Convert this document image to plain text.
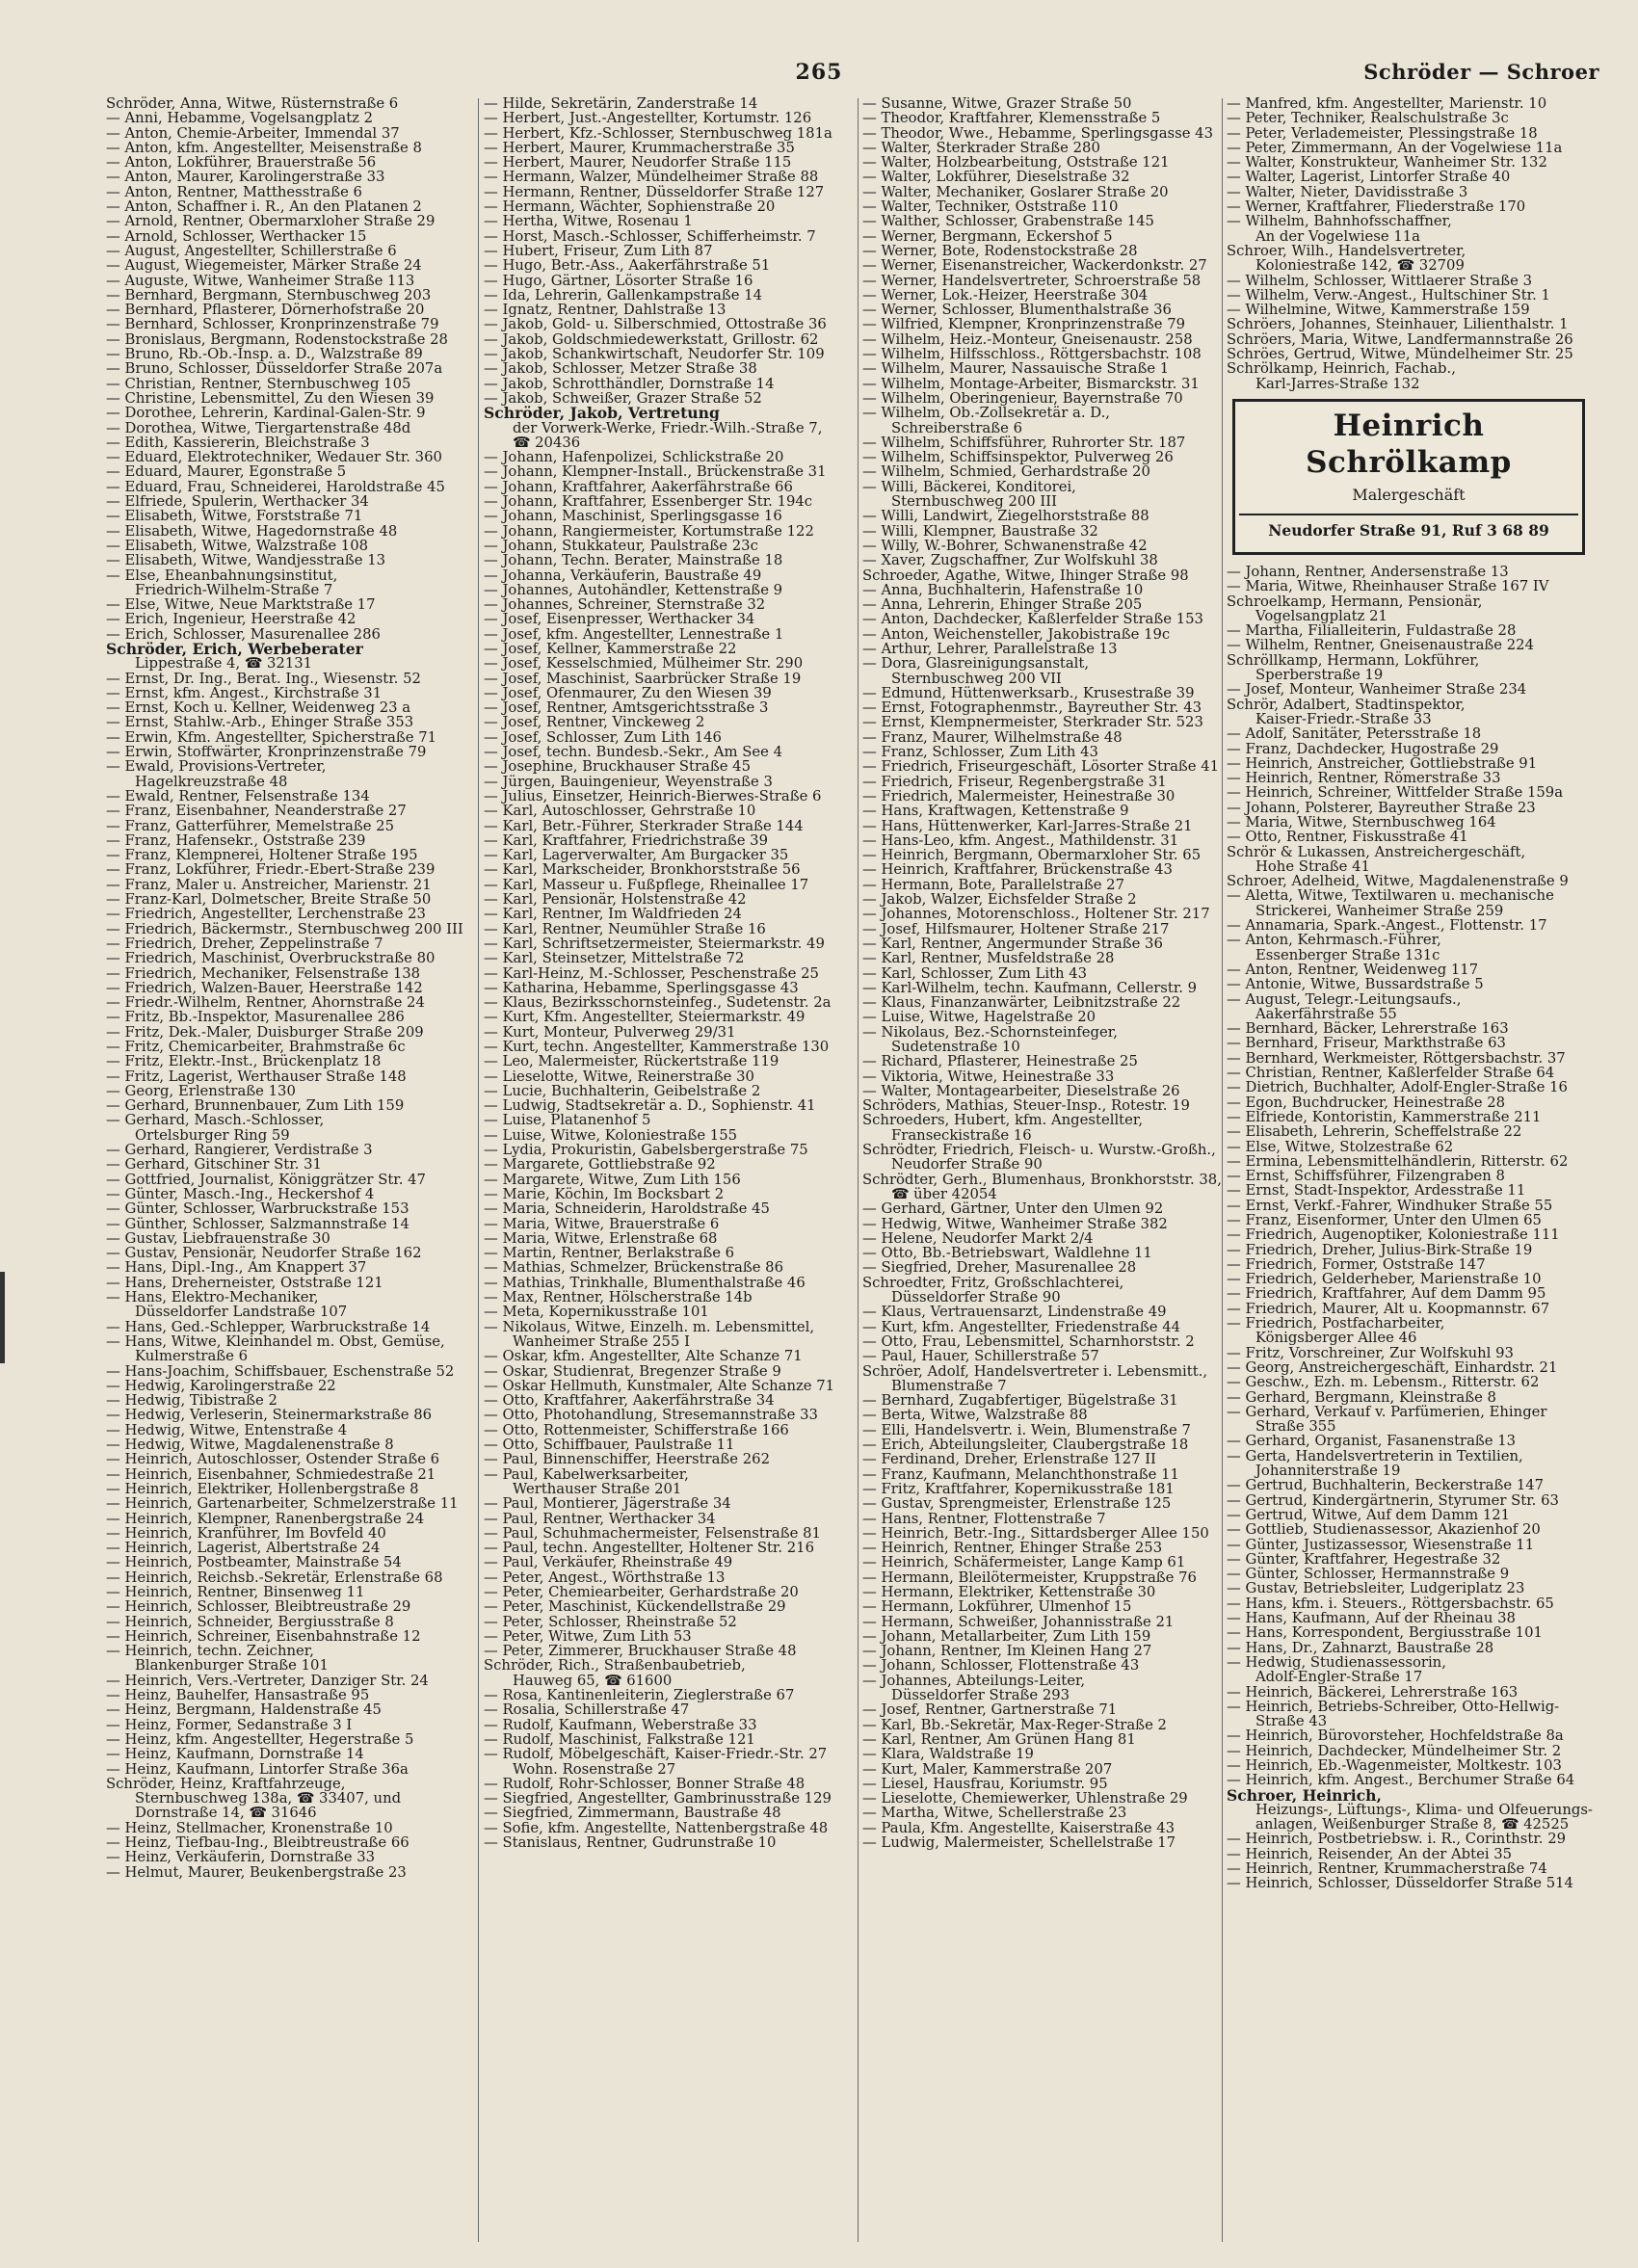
265	Schröder — Schroer
Schröder, Anna, Witwe, Rüsternstraße 6
— Anni, Hebamme, Vogelsangplatz 2
— Anton, Chemie-Arbeiter, Immendal 37
— Anton, kfm. Angestellter, Meisenstraße 8
— Anton, Lokführer, Brauerstraße 56
— Anton, Maurer, Karolingerstraße 33
— Anton, Rentner, Matthesstraße 6
— Anton, Schaffner i. R., An den Platanen 2
— Arnold, Rentner, Obermarxloher Straße 29
— Arnold, Schlosser, Werthacker 15
— August, Angestellter, Schillerstraße 6
— August, Wiegemeister, Märker Straße 24
— Auguste, Witwe, Wanheimer Straße 113
— Bernhard, Bergmann, Sternbuschweg 203
— Bernhard, Pflasterer, Dörnerhofstraße 20
— Bernhard, Schlosser, Kronprinzenstraße 79
— Bronislaus, Bergmann, Rodenstockstraße 28
— Bruno, Rb.-Ob.-Insp. a. D., Walzstraße 89
— Bruno, Schlosser, Düsseldorfer Straße 207a
— Christian, Rentner, Sternbuschweg 105
— Christine, Lebensmittel, Zu den Wiesen 39
— Dorothee, Lehrerin, Kardinal-Galen-Str. 9
— Dorothea, Witwe, Tiergartenstraße 48d
— Edith, Kassiererin, Bleichstraße 3
— Eduard, Elektrotechniker, Wedauer Str. 360
— Eduard, Maurer, Egonstraße 5
— Eduard, Frau, Schneiderei, Haroldstraße 45
— Elfriede, Spulerin, Werthacker 34
— Elisabeth, Witwe, Forststraße 71
— Elisabeth, Witwe, Hagedornstraße 48
— Elisabeth, Witwe, Walzstraße 108
— Elisabeth, Witwe, Wandjesstraße 13
— Else, Eheanbahnungsinstitut,
Friedrich-Wilhelm-Straße 7
— Else, Witwe, Neue Marktstraße 17
— Erich, Ingenieur, Heerstraße 42
— Erich, Schlosser, Masurenallee 286
Schröder, Erich, Werbeberater
Lippestraße 4, ☎ 32131
— Ernst, Dr. Ing., Berat. Ing., Wiesenstr. 52
— Ernst, kfm. Angest., Kirchstraße 31
— Ernst, Koch u. Kellner, Weidenweg 23 a
— Ernst, Stahlw.-Arb., Ehinger Straße 353
— Erwin, Kfm. Angestellter, Spicherstraße 71
— Erwin, Stoffwärter, Kronprinzenstraße 79
— Ewald, Provisions-Vertreter,
Hagelkreuzstraße 48
— Ewald, Rentner, Felsenstraße 134
— Franz, Eisenbahner, Neanderstraße 27
— Franz, Gatterführer, Memelstraße 25
— Franz, Hafensekr., Oststraße 239
— Franz, Klempnerei, Holtener Straße 195
— Franz, Lokführer, Friedr.-Ebert-Straße 239
— Franz, Maler u. Anstreicher, Marienstr. 21
— Franz-Karl, Dolmetscher, Breite Straße 50
— Friedrich, Angestellter, Lerchenstraße 23
— Friedrich, Bäckermstr., Sternbuschweg 200 III
— Friedrich, Dreher, Zeppelinstraße 7
— Friedrich, Maschinist, Overbruckstraße 80
— Friedrich, Mechaniker, Felsenstraße 138
— Friedrich, Walzen-Bauer, Heerstraße 142
— Friedr.-Wilhelm, Rentner, Ahornstraße 24
— Fritz, Bb.-Inspektor, Masurenallee 286
— Fritz, Dek.-Maler, Duisburger Straße 209
— Fritz, Chemicarbeiter, Brahmstraße 6c
— Fritz, Elektr.-Inst., Brückenplatz 18
— Fritz, Lagerist, Werthauser Straße 148
— Georg, Erlenstraße 130
— Gerhard, Brunnenbauer, Zum Lith 159
— Gerhard, Masch.-Schlosser,
Ortelsburger Ring 59
— Gerhard, Rangierer, Verdistraße 3
— Gerhard, Gitschiner Str. 31
— Gottfried, Journalist, Königgrätzer Str. 47
— Günter, Masch.-Ing., Heckershof 4
— Günter, Schlosser, Warbruckstraße 153
— Günther, Schlosser, Salzmannstraße 14
— Gustav, Liebfrauenstraße 30
— Gustav, Pensionär, Neudorfer Straße 162
— Hans, Dipl.-Ing., Am Knappert 37
— Hans, Dreherneister, Oststraße 121
— Hans, Elektro-Mechaniker,
Düsseldorfer Landstraße 107
— Hans, Ged.-Schlepper, Warbruckstraße 14
— Hans, Witwe, Kleinhandel m. Obst, Gemüse,
Kulmerstraße 6
— Hans-Joachim, Schiffsbauer, Eschenstraße 52
— Hedwig, Karolingerstraße 22
— Hedwig, Tibistraße 2
— Hedwig, Verleserin, Steinermarkstraße 86
— Hedwig, Witwe, Entenstraße 4
— Hedwig, Witwe, Magdalenenstraße 8
— Heinrich, Autoschlosser, Ostender Straße 6
— Heinrich, Eisenbahner, Schmiedestraße 21
— Heinrich, Elektriker, Hollenbergstraße 8
— Heinrich, Gartenarbeiter, Schmelzerstraße 11
— Heinrich, Klempner, Ranenbergstraße 24
— Heinrich, Kranführer, Im Bovfeld 40
— Heinrich, Lagerist, Albertstraße 24
— Heinrich, Postbeamter, Mainstraße 54
— Heinrich, Reichsb.-Sekretär, Erlenstraße 68
— Heinrich, Rentner, Binsenweg 11
— Heinrich, Schlosser, Bleibtreustraße 29
— Heinrich, Schneider, Bergiusstraße 8
— Heinrich, Schreiner, Eisenbahnstraße 12
— Heinrich, techn. Zeichner,
Blankenburger Straße 101
— Heinrich, Vers.-Vertreter, Danziger Str. 24
— Heinz, Bauhelfer, Hansastraße 95
— Heinz, Bergmann, Haldenstraße 45
— Heinz, Former, Sedanstraße 3 I
— Heinz, kfm. Angestellter, Hegerstraße 5
— Heinz, Kaufmann, Dornstraße 14
— Heinz, Kaufmann, Lintorfer Straße 36a
Schröder, Heinz, Kraftfahrzeuge,
Sternbuschweg 138a, ☎ 33407, und
Dornstraße 14, ☎ 31646
— Heinz, Stellmacher, Kronenstraße 10
— Heinz, Tiefbau-Ing., Bleibtreustraße 66
— Heinz, Verkäuferin, Dornstraße 33
— Helmut, Maurer, Beukenbergstraße 23
— Hilde, Sekretärin, Zanderstraße 14
— Herbert, Just.-Angestellter, Kortumstr. 126
— Herbert, Kfz.-Schlosser, Sternbuschweg 181a
— Herbert, Maurer, Krummacherstraße 35
— Herbert, Maurer, Neudorfer Straße 115
— Hermann, Walzer, Mündelheimer Straße 88
— Hermann, Rentner, Düsseldorfer Straße 127
— Hermann, Wächter, Sophienstraße 20
— Hertha, Witwe, Rosenau 1
— Horst, Masch.-Schlosser, Schifferheimstr. 7
— Hubert, Friseur, Zum Lith 87
— Hugo, Betr.-Ass., Aakerfährstraße 51
— Hugo, Gärtner, Lösorter Straße 16
— Ida, Lehrerin, Gallenkampstraße 14
— Ignatz, Rentner, Dahlstraße 13
— Jakob, Gold- u. Silberschmied, Ottostraße 36
— Jakob, Goldschmiedewerkstatt, Grillostr. 62
— Jakob, Schankwirtschaft, Neudorfer Str. 109
— Jakob, Schlosser, Metzer Straße 38
— Jakob, Schrotthändler, Dornstraße 14
— Jakob, Schweißer, Grazer Straße 52
Schröder, Jakob, Vertretung
der Vorwerk-Werke, Friedr.-Wilh.-Straße 7,
☎ 20436
— Johann, Hafenpolizei, Schlickstraße 20
— Johann, Klempner-Install., Brückenstraße 31
— Johann, Kraftfahrer, Aakerfährstraße 66
— Johann, Kraftfahrer, Essenberger Str. 194c
— Johann, Maschinist, Sperlingsgasse 16
— Johann, Rangiermeister, Kortumstraße 122
— Johann, Stukkateur, Paulstraße 23c
— Johann, Techn. Berater, Mainstraße 18
— Johanna, Verkäuferin, Baustraße 49
— Johannes, Autohändler, Kettenstraße 9
— Johannes, Schreiner, Sternstraße 32
— Josef, Eisenpresser, Werthacker 34
— Josef, kfm. Angestellter, Lennestraße 1
— Josef, Kellner, Kammerstraße 22
— Josef, Kesselschmied, Mülheimer Str. 290
— Josef, Maschinist, Saarbrücker Straße 19
— Josef, Ofenmaurer, Zu den Wiesen 39
— Josef, Rentner, Amtsgerichtsstraße 3
— Josef, Rentner, Vinckeweg 2
— Josef, Schlosser, Zum Lith 146
— Josef, techn. Bundesb.-Sekr., Am See 4
— Josephine, Bruckhauser Straße 45
— Jürgen, Bauingenieur, Weyenstraße 3
— Julius, Einsetzer, Heinrich-Bierwes-Straße 6
— Karl, Autoschlosser, Gehrstraße 10
— Karl, Betr.-Führer, Sterkrader Straße 144
— Karl, Kraftfahrer, Friedrichstraße 39
— Karl, Lagerverwalter, Am Burgacker 35
— Karl, Markscheider, Bronkhorststraße 56
— Karl, Masseur u. Fußpflege, Rheinallee 17
— Karl, Pensionär, Holstenstraße 42
— Karl, Rentner, Im Waldfrieden 24
— Karl, Rentner, Neumühler Straße 16
— Karl, Schriftsetzermeister, Steiermarkstr. 49
— Karl, Steinsetzer, Mittelstraße 72
— Karl-Heinz, M.-Schlosser, Peschenstraße 25
— Katharina, Hebamme, Sperlingsgasse 43
— Klaus, Bezirksschornsteinfeg., Sudetenstr. 2a
— Kurt, Kfm. Angestellter, Steiermarkstr. 49
— Kurt, Monteur, Pulverweg 29/31
— Kurt, techn. Angestellter, Kammerstraße 130
— Leo, Malermeister, Rückertstraße 119
— Lieselotte, Witwe, Reinerstraße 30
— Lucie, Buchhalterin, Geibelstraße 2
— Ludwig, Stadtsekretär a. D., Sophienstr. 41
— Luise, Platanenhof 5
— Luise, Witwe, Koloniestraße 155
— Lydia, Prokuristin, Gabelsbergerstraße 75
— Margarete, Gottliebstraße 92
— Margarete, Witwe, Zum Lith 156
— Marie, Köchin, Im Bocksbart 2
— Maria, Schneiderin, Haroldstraße 45
— Maria, Witwe, Brauerstraße 6
— Maria, Witwe, Erlenstraße 68
— Martin, Rentner, Berlakstraße 6
— Mathias, Schmelzer, Brückenstraße 86
— Mathias, Trinkhalle, Blumenthalstraße 46
— Max, Rentner, Hölscherstraße 14b
— Meta, Kopernikusstraße 101
— Nikolaus, Witwe, Einzelh. m. Lebensmittel,
Wanheimer Straße 255 I
— Oskar, kfm. Angestellter, Alte Schanze 71
— Oskar, Studienrat, Bregenzer Straße 9
— Oskar Hellmuth, Kunstmaler, Alte Schanze 71
— Otto, Kraftfahrer, Aakerfährstraße 34
— Otto, Photohandlung, Stresemannstraße 33
— Otto, Rottenmeister, Schifferstraße 166
— Otto, Schiffbauer, Paulstraße 11
— Paul, Binnenschiffer, Heerstraße 262
— Paul, Kabelwerksarbeiter,
Werthauser Straße 201
— Paul, Montierer, Jägerstraße 34
— Paul, Rentner, Werthacker 34
— Paul, Schuhmachermeister, Felsenstraße 81
— Paul, techn. Angestellter, Holtener Str. 216
— Paul, Verkäufer, Rheinstraße 49
— Peter, Angest., Wörthstraße 13
— Peter, Chemiearbeiter, Gerhardstraße 20
— Peter, Maschinist, Kückendellstraße 29
— Peter, Schlosser, Rheinstraße 52
— Peter, Witwe, Zum Lith 53
— Peter, Zimmerer, Bruckhauser Straße 48
Schröder, Rich., Straßenbaubetrieb,
Hauweg 65, ☎ 61600
— Rosa, Kantinenleiterin, Zieglerstraße 67
— Rosalia, Schillerstraße 47
— Rudolf, Kaufmann, Weberstraße 33
— Rudolf, Maschinist, Falkstraße 121
— Rudolf, Möbelgeschäft, Kaiser-Friedr.-Str. 27
Wohn. Rosenstraße 27
— Rudolf, Rohr-Schlosser, Bonner Straße 48
— Siegfried, Angestellter, Gambrinusstraße 129
— Siegfried, Zimmermann, Baustraße 48
— Sofie, kfm. Angestellte, Nattenbergstraße 48
— Stanislaus, Rentner, Gudrunstraße 10
— Susanne, Witwe, Grazer Straße 50
— Theodor, Kraftfahrer, Klemensstraße 5
— Theodor, Wwe., Hebamme, Sperlingsgasse 43
— Walter, Sterkrader Straße 280
— Walter, Holzbearbeitung, Oststraße 121
— Walter, Lokführer, Dieselstraße 32
— Walter, Mechaniker, Goslarer Straße 20
— Walter, Techniker, Oststraße 110
— Walther, Schlosser, Grabenstraße 145
— Werner, Bergmann, Eckershof 5
— Werner, Bote, Rodenstockstraße 28
— Werner, Eisenanstreicher, Wackerdonkstr. 27
— Werner, Handelsvertreter, Schroerstraße 58
— Werner, Lok.-Heizer, Heerstraße 304
— Werner, Schlosser, Blumenthalstraße 36
— Wilfried, Klempner, Kronprinzenstraße 79
— Wilhelm, Heiz.-Monteur, Gneisenaustr. 258
— Wilhelm, Hilfsschloss., Röttgersbachstr. 108
— Wilhelm, Maurer, Nassauische Straße 1
— Wilhelm, Montage-Arbeiter, Bismarckstr. 31
— Wilhelm, Oberingenieur, Bayernstraße 70
— Wilhelm, Ob.-Zollsekretär a. D.,
Schreiberstraße 6
— Wilhelm, Schiffsführer, Ruhrorter Str. 187
— Wilhelm, Schiffsinspektor, Pulverweg 26
— Wilhelm, Schmied, Gerhardstraße 20
— Willi, Bäckerei, Konditorei,
Sternbuschweg 200 III
— Willi, Landwirt, Ziegelhorststraße 88
— Willi, Klempner, Baustraße 32
— Willy, W.-Bohrer, Schwanenstraße 42
— Xaver, Zugschaffner, Zur Wolfskuhl 38
Schroeder, Agathe, Witwe, Ihinger Straße 98
— Anna, Buchhalterin, Hafenstraße 10
— Anna, Lehrerin, Ehinger Straße 205
— Anton, Dachdecker, Kaßlerfelder Straße 153
— Anton, Weichensteller, Jakobistraße 19c
— Arthur, Lehrer, Parallelstraße 13
— Dora, Glasreinigungsanstalt,
Sternbuschweg 200 VII
— Edmund, Hüttenwerksarb., Krusestraße 39
— Ernst, Fotographenmstr., Bayreuther Str. 43
— Ernst, Klempnermeister, Sterkrader Str. 523
— Franz, Maurer, Wilhelmstraße 48
— Franz, Schlosser, Zum Lith 43
— Friedrich, Friseurgeschäft, Lösorter Straße 41
— Friedrich, Friseur, Regenbergstraße 31
— Friedrich, Malermeister, Heinestraße 30
— Hans, Kraftwagen, Kettenstraße 9
— Hans, Hüttenwerker, Karl-Jarres-Straße 21
— Hans-Leo, kfm. Angest., Mathildenstr. 31
— Heinrich, Bergmann, Obermarxloher Str. 65
— Heinrich, Kraftfahrer, Brückenstraße 43
— Hermann, Bote, Parallelstraße 27
— Jakob, Walzer, Eichsfelder Straße 2
— Johannes, Motorenschloss., Holtener Str. 217
— Josef, Hilfsmaurer, Holtener Straße 217
— Karl, Rentner, Angermunder Straße 36
— Karl, Rentner, Musfeldstraße 28
— Karl, Schlosser, Zum Lith 43
— Karl-Wilhelm, techn. Kaufmann, Cellerstr. 9
— Klaus, Finanzanwärter, Leibnitzstraße 22
— Luise, Witwe, Hagelstraße 20
— Nikolaus, Bez.-Schornsteinfeger,
Sudetenstraße 10
— Richard, Pflasterer, Heinestraße 25
— Viktoria, Witwe, Heinestraße 33
— Walter, Montagearbeiter, Dieselstraße 26
Schröders, Mathias, Steuer-Insp., Rotestr. 19
Schroeders, Hubert, kfm. Angestellter,
Franseckistraße 16
Schrödter, Friedrich, Fleisch- u. Wurstw.-Großh.,
Neudorfer Straße 90
Schrödter, Gerh., Blumenhaus, Bronkhorststr. 38,
☎ über 42054
— Gerhard, Gärtner, Unter den Ulmen 92
— Hedwig, Witwe, Wanheimer Straße 382
— Helene, Neudorfer Markt 2/4
— Otto, Bb.-Betriebswart, Waldlehne 11
— Siegfried, Dreher, Masurenallee 28
Schroedter, Fritz, Großschlachterei,
Düsseldorfer Straße 90
— Klaus, Vertrauensarzt, Lindenstraße 49
— Kurt, kfm. Angestellter, Friedenstraße 44
— Otto, Frau, Lebensmittel, Scharnhorststr. 2
— Paul, Hauer, Schillerstraße 57
Schröer, Adolf, Handelsvertreter i. Lebensmitt.,
Blumenstraße 7
— Bernhard, Zugabfertiger, Bügelstraße 31
— Berta, Witwe, Walzstraße 88
— Elli, Handelsvertr. i. Wein, Blumenstraße 7
— Erich, Abteilungsleiter, Claubergstraße 18
— Ferdinand, Dreher, Erlenstraße 127 II
— Franz, Kaufmann, Melanchthonstraße 11
— Fritz, Kraftfahrer, Kopernikusstraße 181
— Gustav, Sprengmeister, Erlenstraße 125
— Hans, Rentner, Flottenstraße 7
— Heinrich, Betr.-Ing., Sittardsberger Allee 150
— Heinrich, Rentner, Ehinger Straße 253
— Heinrich, Schäfermeister, Lange Kamp 61
— Hermann, Bleilötermeister, Kruppstraße 76
— Hermann, Elektriker, Kettenstraße 30
— Hermann, Lokführer, Ulmenhof 15
— Hermann, Schweißer, Johannisstraße 21
— Johann, Metallarbeiter, Zum Lith 159
— Johann, Rentner, Im Kleinen Hang 27
— Johann, Schlosser, Flottenstraße 43
— Johannes, Abteilungs-Leiter,
Düsseldorfer Straße 293
— Josef, Rentner, Gartnerstraße 71
— Karl, Bb.-Sekretär, Max-Reger-Straße 2
— Karl, Rentner, Am Grünen Hang 81
— Klara, Waldstraße 19
— Kurt, Maler, Kammerstraße 207
— Liesel, Hausfrau, Koriumstr. 95
— Lieselotte, Chemiewerker, Uhlenstraße 29
— Martha, Witwe, Schellerstraße 23
— Paula, Kfm. Angestellte, Kaiserstraße 43
— Ludwig, Malermeister, Schellelstraße 17
— Manfred, kfm. Angestellter, Marienstr. 10
— Peter, Techniker, Realschulstraße 3c
— Peter, Verlademeister, Plessingstraße 18
— Peter, Zimmermann, An der Vogelwiese 11a
— Walter, Konstrukteur, Wanheimer Str. 132
— Walter, Lagerist, Lintorfer Straße 40
— Walter, Nieter, Davidisstraße 3
— Werner, Kraftfahrer, Fliederstraße 170
— Wilhelm, Bahnhofsschaffner,
An der Vogelwiese 11a
Schroer, Wilh., Handelsvertreter,
Koloniestraße 142, ☎ 32709
— Wilhelm, Schlosser, Wittlaerer Straße 3
— Wilhelm, Verw.-Angest., Hultschiner Str. 1
— Wilhelmine, Witwe, Kammerstraße 159
Schröers, Johannes, Steinhauer, Lilienthalstr. 1
Schröers, Maria, Witwe, Landfermannstraße 26
Schröes, Gertrud, Witwe, Mündelheimer Str. 25
Schrölkamp, Heinrich, Fachab.,
Karl-Jarres-Straße 132
Heinrich Schrölkamp
Malergeschäft
Neudorfer Straße 91, Ruf 3 68 89
— Johann, Rentner, Andersenstraße 13
— Maria, Witwe, Rheinhauser Straße 167 IV
Schroelkamp, Hermann, Pensionär,
Vogelsangplatz 21
— Martha, Filialleiterin, Fuldastraße 28
— Wilhelm, Rentner, Gneisenaustraße 224
Schröllkamp, Hermann, Lokführer,
Sperberstraße 19
— Josef, Monteur, Wanheimer Straße 234
Schrör, Adalbert, Stadtinspektor,
Kaiser-Friedr.-Straße 33
— Adolf, Sanitäter, Petersstraße 18
— Franz, Dachdecker, Hugostraße 29
— Heinrich, Anstreicher, Gottliebstraße 91
— Heinrich, Rentner, Römerstraße 33
— Heinrich, Schreiner, Wittfelder Straße 159a
— Johann, Polsterer, Bayreuther Straße 23
— Maria, Witwe, Sternbuschweg 164
— Otto, Rentner, Fiskusstraße 41
Schrör & Lukassen, Anstreichergeschäft,
Hohe Straße 41
Schroer, Adelheid, Witwe, Magdalenenstraße 9
— Aletta, Witwe, Textilwaren u. mechanische
Strickerei, Wanheimer Straße 259
— Annamaria, Spark.-Angest., Flottenstr. 17
— Anton, Kehrmasch.-Führer,
Essenberger Straße 131c
— Anton, Rentner, Weidenweg 117
— Antonie, Witwe, Bussardstraße 5
— August, Telegr.-Leitungsaufs.,
Aakerfährstraße 55
— Bernhard, Bäcker, Lehrerstraße 163
— Bernhard, Friseur, Markthstraße 63
— Bernhard, Werkmeister, Röttgersbachstr. 37
— Christian, Rentner, Kaßlerfelder Straße 64
— Dietrich, Buchhalter, Adolf-Engler-Straße 16
— Egon, Buchdrucker, Heinestraße 28
— Elfriede, Kontoristin, Kammerstraße 211
— Elisabeth, Lehrerin, Scheffelstraße 22
— Else, Witwe, Stolzestraße 62
— Ermina, Lebensmittelhändlerin, Ritterstr. 62
— Ernst, Schiffsführer, Filzengraben 8
— Ernst, Stadt-Inspektor, Ardesstraße 11
— Ernst, Verkf.-Fahrer, Windhuker Straße 55
— Franz, Eisenformer, Unter den Ulmen 65
— Friedrich, Augenoptiker, Koloniestraße 111
— Friedrich, Dreher, Julius-Birk-Straße 19
— Friedrich, Former, Oststraße 147
— Friedrich, Gelderheber, Marienstraße 10
— Friedrich, Kraftfahrer, Auf dem Damm 95
— Friedrich, Maurer, Alt u. Koopmannstr. 67
— Friedrich, Postfacharbeiter,
Königsberger Allee 46
— Fritz, Vorschreiner, Zur Wolfskuhl 93
— Georg, Anstreichergeschäft, Einhardstr. 21
— Geschw., Ezh. m. Lebensm., Ritterstr. 62
— Gerhard, Bergmann, Kleinstraße 8
— Gerhard, Verkauf v. Parfümerien, Ehinger
Straße 355
— Gerhard, Organist, Fasanenstraße 13
— Gerta, Handelsvertreterin in Textilien,
Johanniterstraße 19
— Gertrud, Buchhalterin, Beckerstraße 147
— Gertrud, Kindergärtnerin, Styrumer Str. 63
— Gertrud, Witwe, Auf dem Damm 121
— Gottlieb, Studienassessor, Akazienhof 20
— Günter, Justizassessor, Wiesenstraße 11
— Günter, Kraftfahrer, Hegestraße 32
— Günter, Schlosser, Hermannstraße 9
— Gustav, Betriebsleiter, Ludgeriplatz 23
— Hans, kfm. i. Steuers., Röttgersbachstr. 65
— Hans, Kaufmann, Auf der Rheinau 38
— Hans, Korrespondent, Bergiusstraße 101
— Hans, Dr., Zahnarzt, Baustraße 28
— Hedwig, Studienassessorin,
Adolf-Engler-Straße 17
— Heinrich, Bäckerei, Lehrerstraße 163
— Heinrich, Betriebs-Schreiber, Otto-Hellwig-
Straße 43
— Heinrich, Bürovorsteher, Hochfeldstraße 8a
— Heinrich, Dachdecker, Mündelheimer Str. 2
— Heinrich, Eb.-Wagenmeister, Moltkestr. 103
— Heinrich, kfm. Angest., Berchumer Straße 64
Schroer, Heinrich,
Heizungs-, Lüftungs-, Klima- und Ölfeuerungs-
anlagen, Weißenburger Straße 8, ☎ 42525
— Heinrich, Postbetriebsw. i. R., Corinthstr. 29
— Heinrich, Reisender, An der Abtei 35
— Heinrich, Rentner, Krummacherstraße 74
— Heinrich, Schlosser, Düsseldorfer Straße 514
